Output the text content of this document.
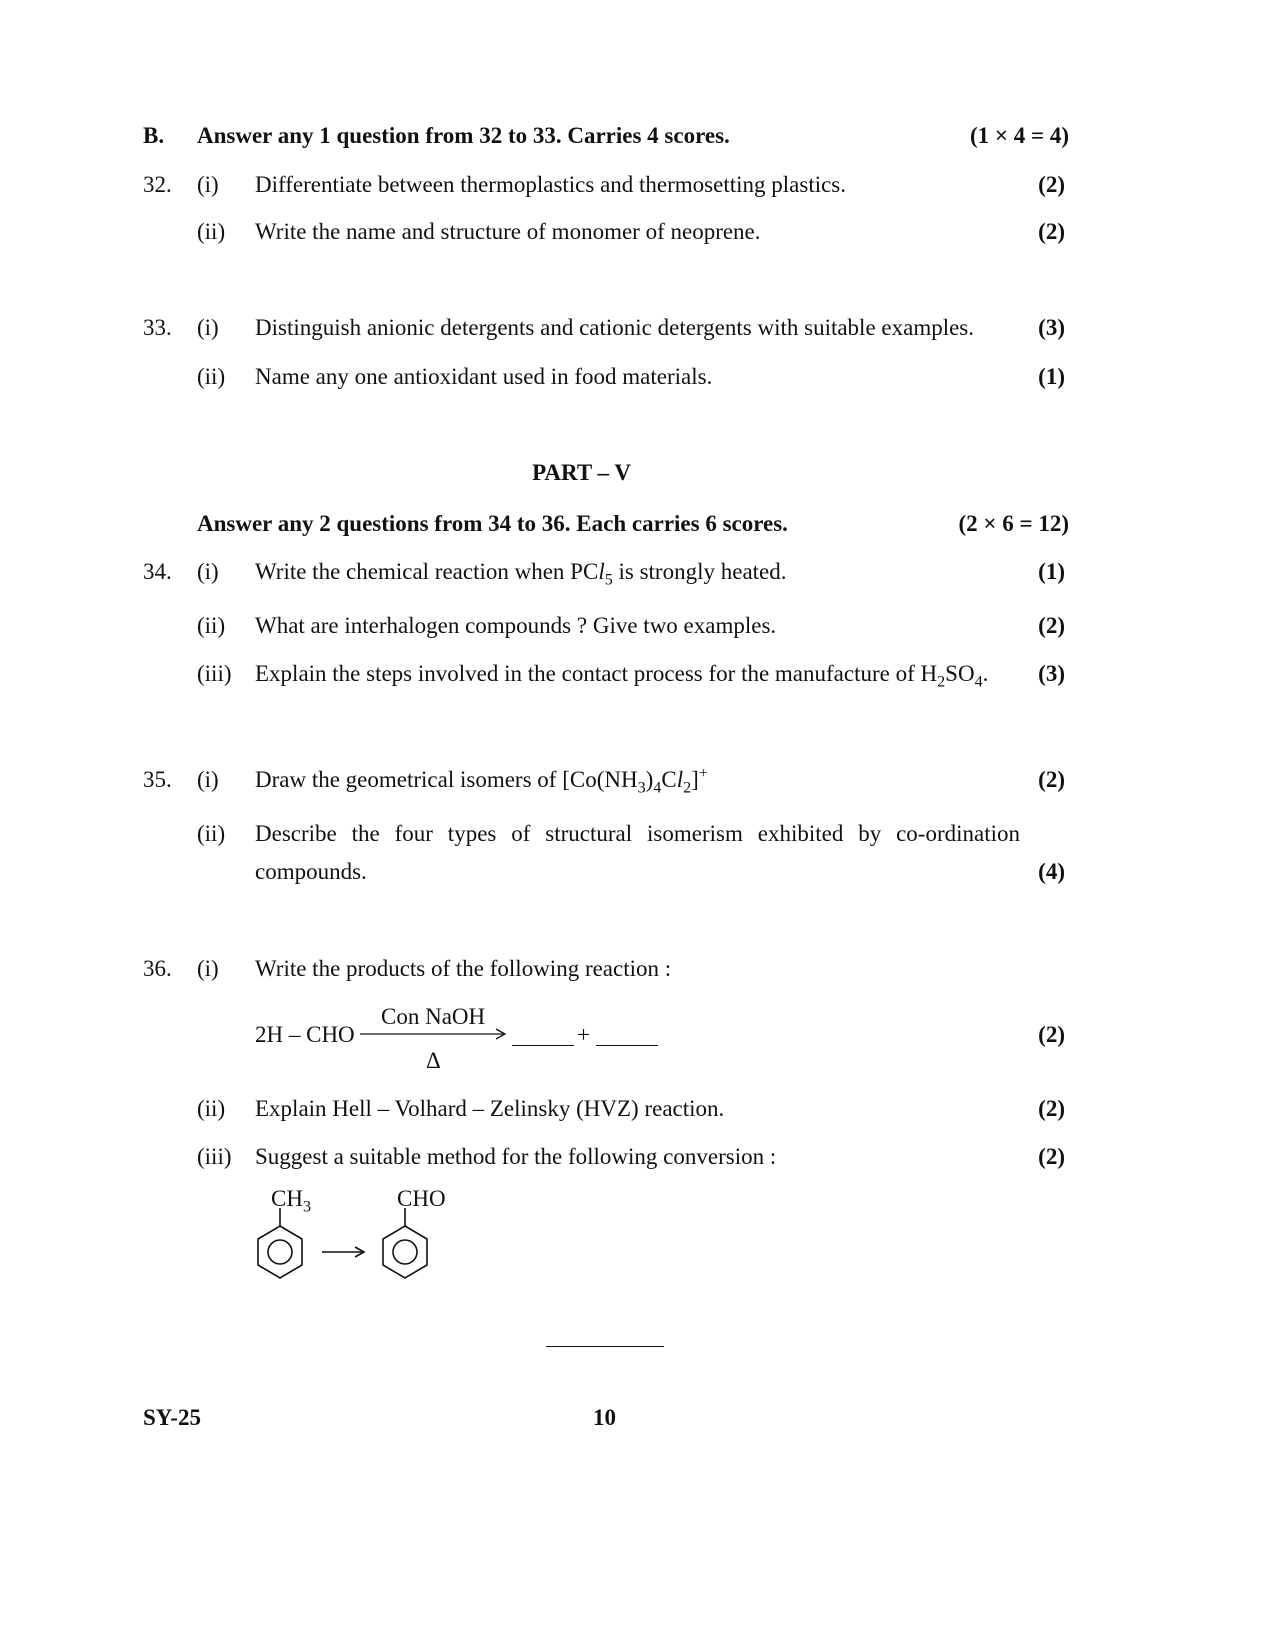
B. Answer any 1 question from 32 to 33. Carries 4 scores.	(1 × 4 = 4)
32. (i) Differentiate between thermoplastics and thermosetting plastics.	(2)
(ii) Write the name and structure of monomer of neoprene.	(2)
33. (i) Distinguish anionic detergents and cationic detergents with suitable examples.	(3)
(ii) Name any one antioxidant used in food materials.	(1)
PART – V
Answer any 2 questions from 34 to 36. Each carries 6 scores.	(2 × 6 = 12)
34. (i) Write the chemical reaction when PCl$_5$ is strongly heated.	(1)
(ii) What are interhalogen compounds ? Give two examples.	(2)
(iii) Explain the steps involved in the contact process for the manufacture of $H_2SO_4$. (3)
35. (i) Draw the geometrical isomers of $[Co(NH_3)_4Cl_2]^+$	(2)
(ii) Describe the four types of structural isomerism exhibited by co-ordination
compounds.	(4)
36. (i) Write the products of the following reaction :
2H – CHO
Con NaOH
Δ
+	(2)
(ii) Explain Hell – Volhard – Zelinsky (HVZ) reaction.	(2)
(iii) Suggest a suitable method for the following conversion :	(2)
$CH_3$	CHO
SY-25	10
